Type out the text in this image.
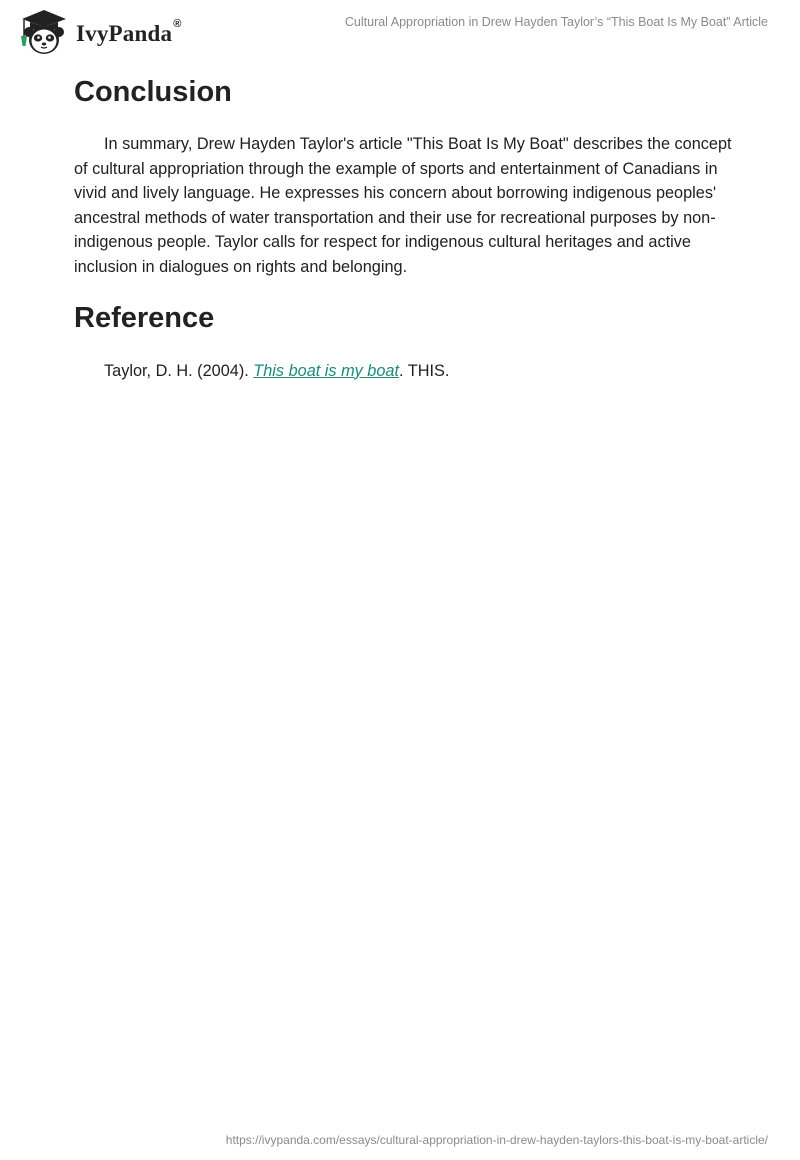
IvyPanda ®	Cultural Appropriation in Drew Hayden Taylor’s “This Boat Is My Boat” Article
Conclusion

In summary, Drew Hayden Taylor's article "This Boat Is My Boat" describes the concept of cultural appropriation through the example of sports and entertainment of Canadians in vivid and lively language. He expresses his concern about borrowing indigenous peoples' ancestral methods of water transportation and their use for recreational purposes by non-indigenous people. Taylor calls for respect for indigenous cultural heritages and active inclusion in dialogues on rights and belonging.

Reference

Taylor, D. H. (2004). This boat is my boat. THIS.

https://ivypanda.com/essays/cultural-appropriation-in-drew-hayden-taylors-this-boat-is-my-boat-article/
